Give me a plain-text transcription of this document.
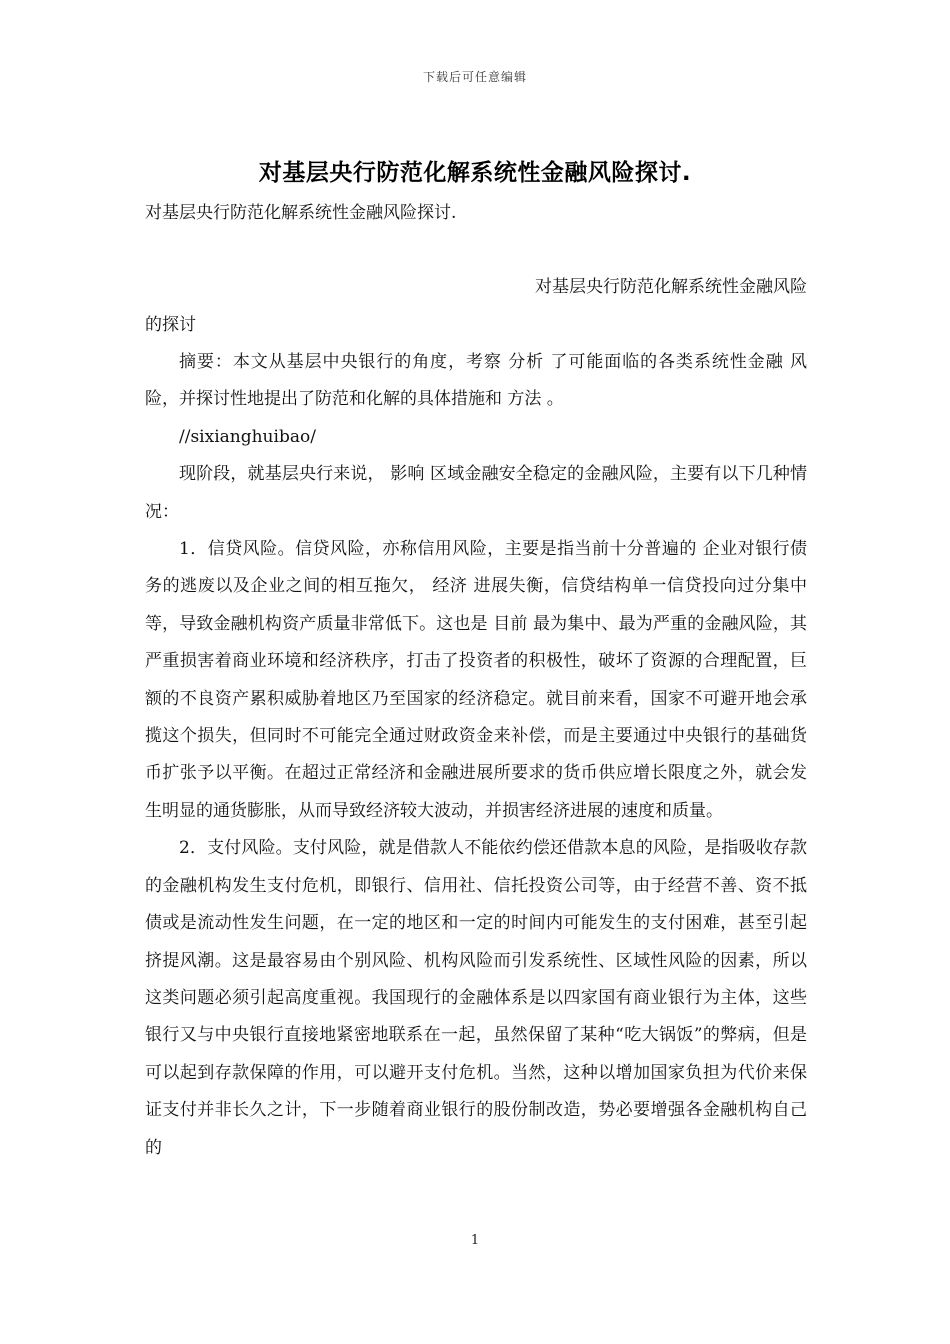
下载后可任意编辑
对基层央行防范化解系统性金融风险探讨.
对基层央行防范化解系统性金融风险探讨.
对基层央行防范化解系统性金融风险
的探讨

摘要：本文从基层中央银行的角度，考察 分析 了可能面临的各类系统性金融 风险，并探讨性地提出了防范和化解的具体措施和 方法 。

//sixianghuibao/

现阶段，就基层央行来说， 影响 区域金融安全稳定的金融风险，主要有以下几种情况：

1．信贷风险。信贷风险，亦称信用风险，主要是指当前十分普遍的 企业对银行债务的逃废以及企业之间的相互拖欠， 经济 进展失衡，信贷结构单一信贷投向过分集中等，导致金融机构资产质量非常低下。这也是 目前 最为集中、最为严重的金融风险，其严重损害着商业环境和经济秩序，打击了投资者的积极性，破坏了资源的合理配置，巨额的不良资产累积威胁着地区乃至国家的经济稳定。就目前来看，国家不可避开地会承揽这个损失，但同时不可能完全通过财政资金来补偿，而是主要通过中央银行的基础货币扩张予以平衡。在超过正常经济和金融进展所要求的货币供应增长限度之外，就会发生明显的通货膨胀，从而导致经济较大波动，并损害经济进展的速度和质量。

2．支付风险。支付风险，就是借款人不能依约偿还借款本息的风险，是指吸收存款的金融机构发生支付危机，即银行、信用社、信托投资公司等，由于经营不善、资不抵债或是流动性发生问题，在一定的地区和一定的时间内可能发生的支付困难，甚至引起挤提风潮。这是最容易由个别风险、机构风险而引发系统性、区域性风险的因素，所以这类问题必须引起高度重视。我国现行的金融体系是以四家国有商业银行为主体，这些银行又与中央银行直接地紧密地联系在一起，虽然保留了某种“吃大锅饭”的弊病，但是可以起到存款保障的作用，可以避开支付危机。当然，这种以增加国家负担为代价来保证支付并非长久之计，下一步随着商业银行的股份制改造，势必要增强各金融机构自己的

1
